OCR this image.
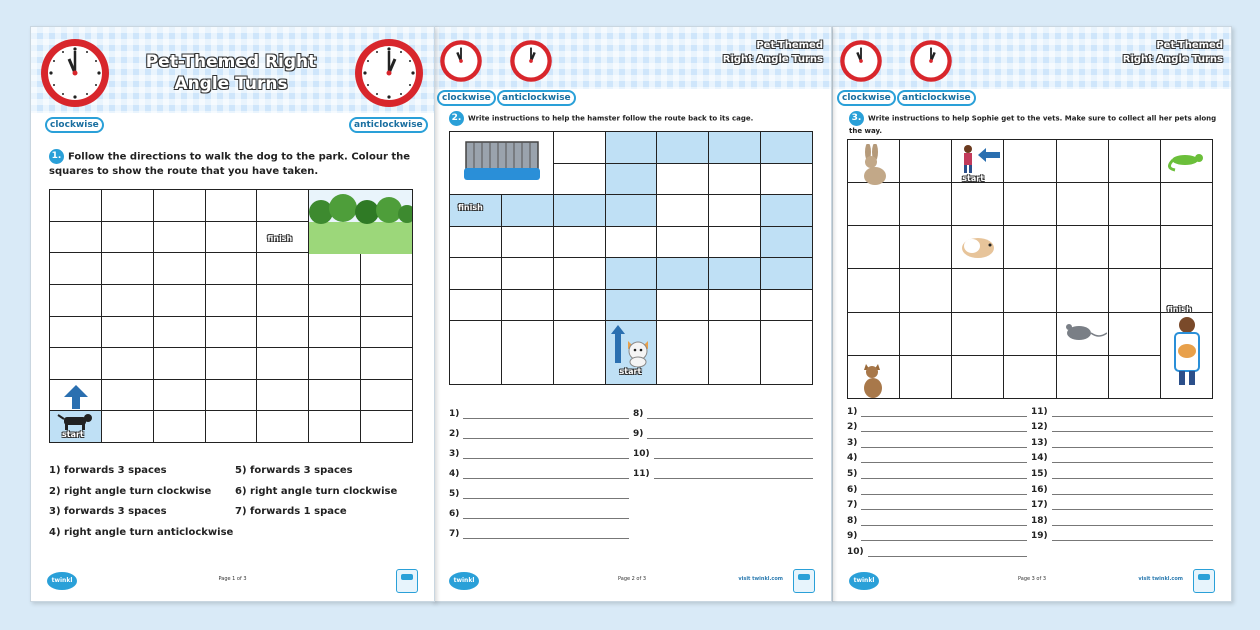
clockwise
Pet-Themed Right
Angle Turns
anticlockwise
1. Follow the directions to walk the dog to the park. Colour the squares to show the route that you have taken.

				finish		

start						

1) forwards 3 spaces
2) right angle turn clockwise
3) forwards 3 spaces
4) right angle turn anticlockwise
5) forwards 3 spaces
6) right angle turn clockwise
7) forwards 1 space
twinkl	Page 1 of 3
clockwise	anticlockwise
Pet-Themed
Right Angle Turns
2. Write instructions to help the hamster follow the route back to its cage.

finish						

			start			

1)
2)
3)
4)
5)
6)
7)
8)
9)
10)
11)
twinkl	Page 2 of 3	visit twinkl.com
clockwise	anticlockwise
Pet-Themed
Right Angle Turns
3. Write instructions to help Sophie get to the vets. Make sure to collect all her pets along the way.

start

						finish

1)
2)
3)
4)
5)
6)
7)
8)
9)
10)
11)
12)
13)
14)
15)
16)
17)
18)
19)
twinkl	Page 3 of 3	visit twinkl.com
